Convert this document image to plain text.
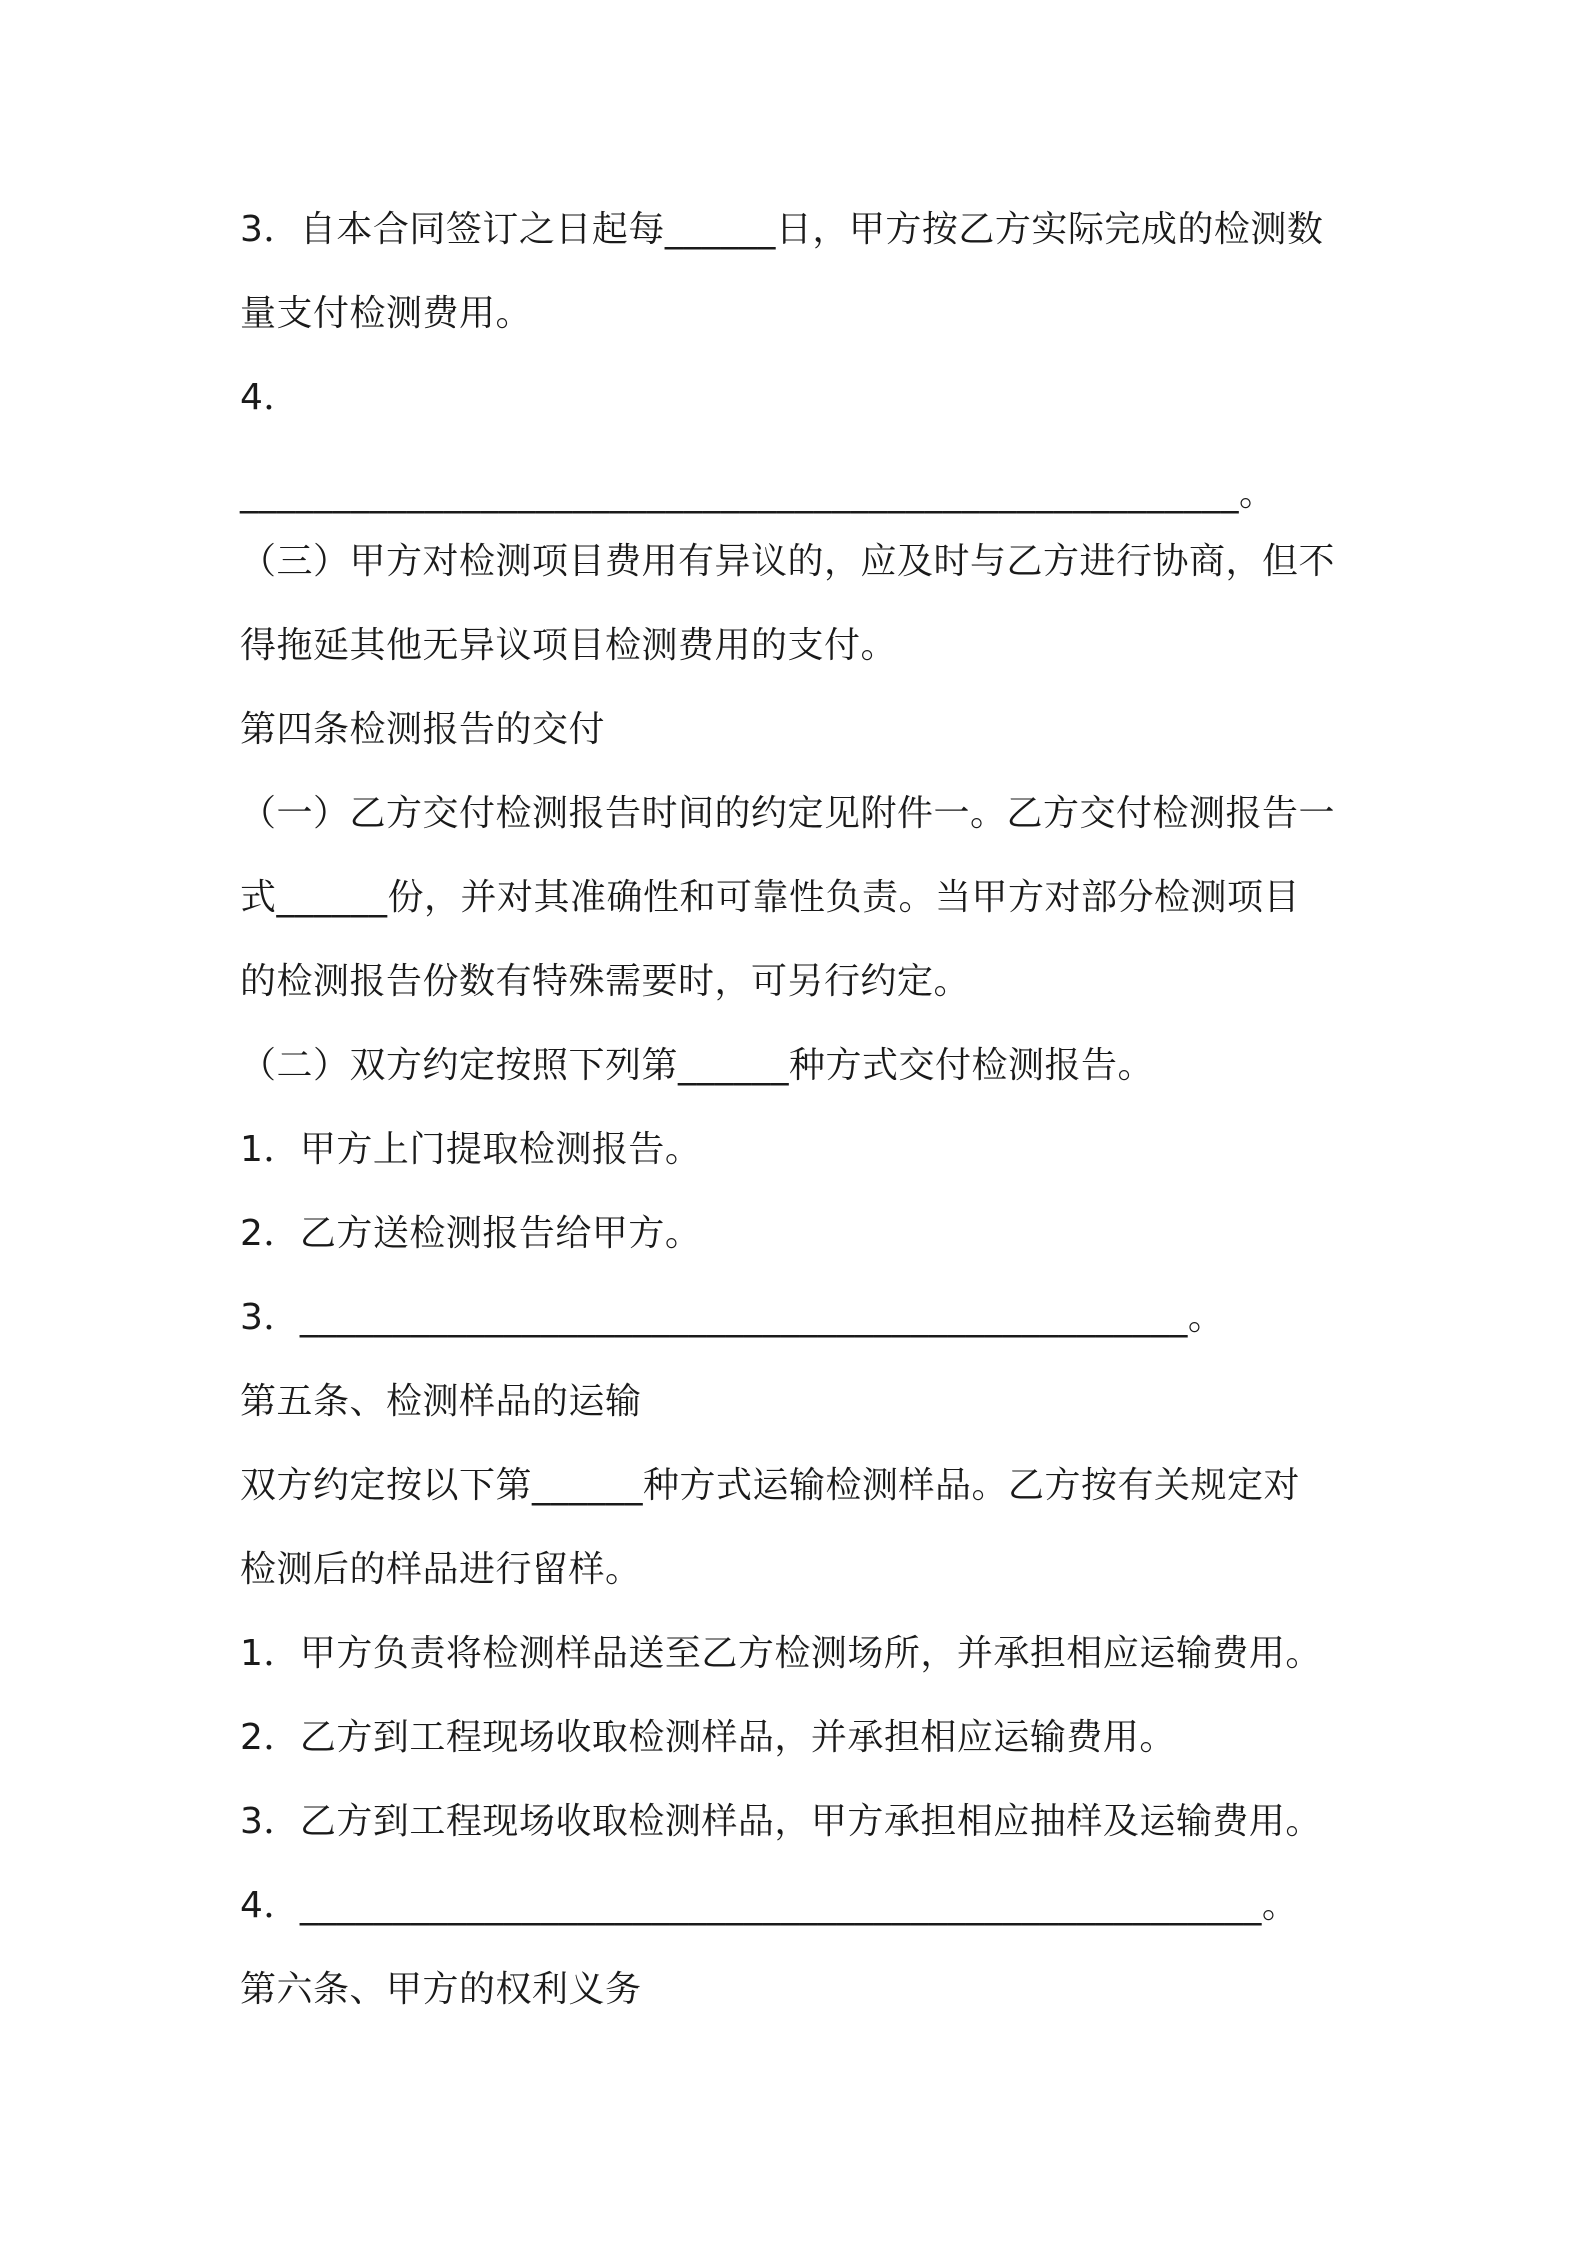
3．自本合同签订之日起每______日，甲方按乙方实际完成的检测数
量支付检测费用。
4．
______________________________________________________。
（三）甲方对检测项目费用有异议的，应及时与乙方进行协商，但不
得拖延其他无异议项目检测费用的支付。
第四条检测报告的交付
（一）乙方交付检测报告时间的约定见附件一。乙方交付检测报告一
式______份，并对其准确性和可靠性负责。当甲方对部分检测项目
的检测报告份数有特殊需要时，可另行约定。
（二）双方约定按照下列第______种方式交付检测报告。
1．甲方上门提取检测报告。
2．乙方送检测报告给甲方。
3．________________________________________________。
第五条、检测样品的运输
双方约定按以下第______种方式运输检测样品。乙方按有关规定对
检测后的样品进行留样。
1．甲方负责将检测样品送至乙方检测场所，并承担相应运输费用。
2．乙方到工程现场收取检测样品，并承担相应运输费用。
3．乙方到工程现场收取检测样品，甲方承担相应抽样及运输费用。
4．____________________________________________________。
第六条、甲方的权利义务
